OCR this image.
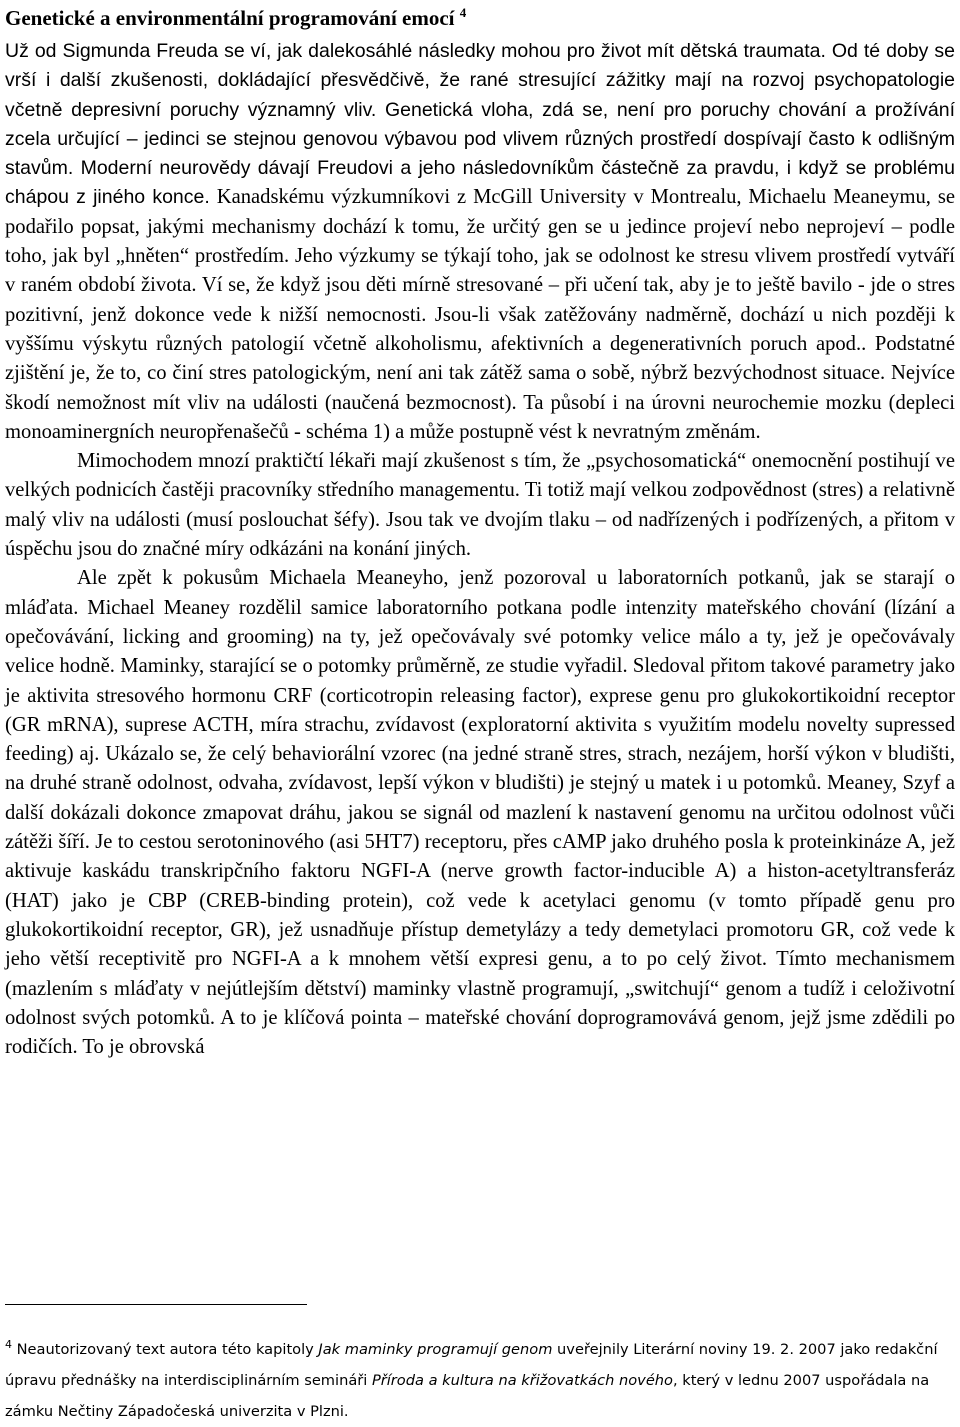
Genetické a environmentální programování emocí $^4$

Už od Sigmunda Freuda se ví, jak dalekosáhlé následky mohou pro život mít dětská traumata. Od té doby se vrší i další zkušenosti, dokládající přesvědčivě, že rané stresující zážitky mají na rozvoj psychopatologie včetně depresivní poruchy významný vliv. Genetická vloha, zdá se, není pro poruchy chování a prožívání zcela určující – jedinci se stejnou genovou výbavou pod vlivem různých prostředí dospívají často k odlišným stavům. Moderní neurovědy dávají Freudovi a jeho následovníkům částečně za pravdu, i když se problému chápou z jiného konce. Kanadskému výzkumníkovi z McGill University v Montrealu, Michaelu Meaneymu, se podařilo popsat, jakými mechanismy dochází k tomu, že určitý gen se u jedince projeví nebo neprojeví – podle toho, jak byl „hněten“ prostředím. Jeho výzkumy se týkají toho, jak se odolnost ke stresu vlivem prostředí vytváří v raném období života. Ví se, že když jsou děti mírně stresované – při učení tak, aby je to ještě bavilo - jde o stres pozitivní, jenž dokonce vede k nižší nemocnosti. Jsou-li však zatěžovány nadměrně, dochází u nich později k vyššímu výskytu různých patologií včetně alkoholismu, afektivních a degenerativních poruch apod.. Podstatné zjištění je, že to, co činí stres patologickým, není ani tak zátěž sama o sobě, nýbrž bezvýchodnost situace. Nejvíce škodí nemožnost mít vliv na události (naučená bezmocnost). Ta působí i na úrovni neurochemie mozku (depleci monoaminergních neuropřenašečů - schéma 1) a může postupně vést k nevratným změnám.

Mimochodem mnozí praktičtí lékaři mají zkušenost s tím, že „psychosomatická“ onemocnění postihují ve velkých podnicích častěji pracovníky středního managementu. Ti totiž mají velkou zodpovědnost (stres) a relativně malý vliv na události (musí poslouchat šéfy). Jsou tak ve dvojím tlaku – od nadřízených i podřízených, a přitom v úspěchu jsou do značné míry odkázáni na konání jiných.

Ale zpět k pokusům Michaela Meaneyho, jenž pozoroval u laboratorních potkanů, jak se starají o mláďata. Michael Meaney rozdělil samice laboratorního potkana podle intenzity mateřského chování (lízání a opečovávání, licking and grooming) na ty, jež opečovávaly své potomky velice málo a ty, jež je opečovávaly velice hodně. Maminky, starající se o potomky průměrně, ze studie vyřadil. Sledoval přitom takové parametry jako je aktivita stresového hormonu CRF (corticotropin releasing factor), exprese genu pro glukokortikoidní receptor (GR mRNA), suprese ACTH, míra strachu, zvídavost (exploratorní aktivita s využitím modelu novelty supressed feeding) aj. Ukázalo se, že celý behaviorální vzorec (na jedné straně stres, strach, nezájem, horší výkon v bludišti, na druhé straně odolnost, odvaha, zvídavost, lepší výkon v bludišti) je stejný u matek i u potomků. Meaney, Szyf a další dokázali dokonce zmapovat dráhu, jakou se signál od mazlení k nastavení genomu na určitou odolnost vůči zátěži šíří. Je to cestou serotoninového (asi 5HT7) receptoru, přes cAMP jako druhého posla k proteinkináze A, jež aktivuje kaskádu transkripčního faktoru NGFI-A (nerve growth factor-inducible A) a histon-acetyltransferáz (HAT) jako je CBP (CREB-binding protein), což vede k acetylaci genomu (v tomto případě genu pro glukokortikoidní receptor, GR), jež usnadňuje přístup demetylázy a tedy demetylaci promotoru GR, což vede k jeho větší receptivitě pro NGFI-A a k mnohem větší expresi genu, a to po celý život. Tímto mechanismem (mazlením s mláďaty v nejútlejším dětství) maminky vlastně programují, „switchují“ genom a tudíž i celoživotní odolnost svých potomků. A to je klíčová pointa – mateřské chování doprogramovává genom, jejž jsme zdědili po rodičích. To je obrovská

$^4$ Neautorizovaný text autora této kapitoly Jak maminky programují genom uveřejnily Literární noviny 19. 2. 2007 jako redakční úpravu přednášky na interdisciplinárním semináři Příroda a kultura na křižovatkách nového, který v lednu 2007 uspořádala na zámku Nečtiny Západočeská univerzita v Plzni.
